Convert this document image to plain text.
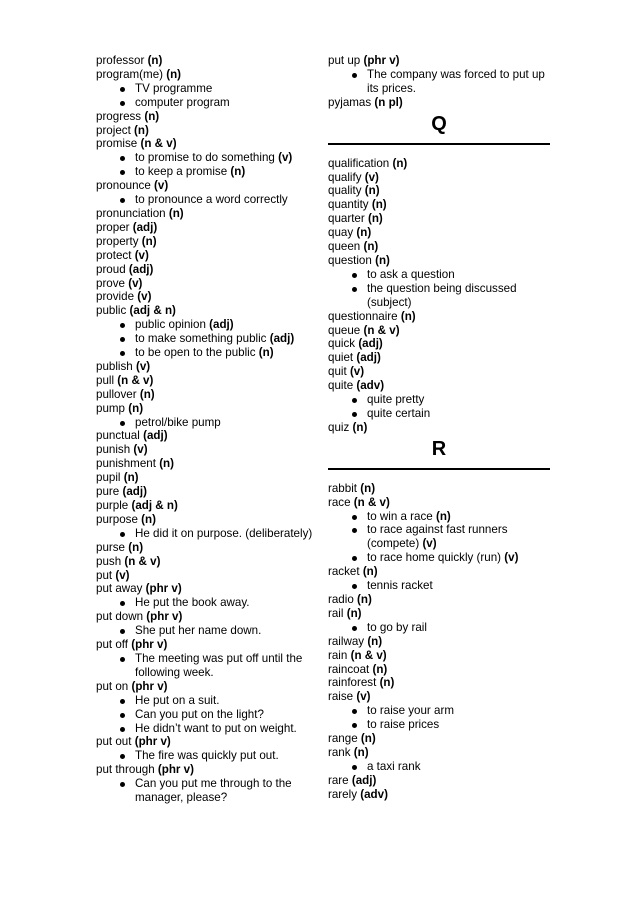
professor (n)
program(me) (n)
TV programme
computer program
progress (n)
project (n)
promise (n & v)
to promise to do something (v)
to keep a promise (n)
pronounce (v)
to pronounce a word correctly
pronunciation (n)
proper (adj)
property (n)
protect (v)
proud (adj)
prove (v)
provide (v)
public (adj & n)
public opinion (adj)
to make something public (adj)
to be open to the public (n)
publish (v)
pull (n & v)
pullover (n)
pump (n)
petrol/bike pump
punctual (adj)
punish (v)
punishment (n)
pupil (n)
pure (adj)
purple (adj & n)
purpose (n)
He did it on purpose. (deliberately)
purse (n)
push (n & v)
put (v)
put away (phr v)
He put the book away.
put down (phr v)
She put her name down.
put off (phr v)
The meeting was put off until the following week.
put on (phr v)
He put on a suit.
Can you put on the light?
He didn’t want to put on weight.
put out (phr v)
The fire was quickly put out.
put through (phr v)
Can you put me through to the manager, please?
put up (phr v)
The company was forced to put up its prices.
pyjamas (n pl)
Q
qualification (n)
qualify (v)
quality (n)
quantity (n)
quarter (n)
quay (n)
queen (n)
question (n)
to ask a question
the question being discussed (subject)
questionnaire (n)
queue (n & v)
quick (adj)
quiet (adj)
quit (v)
quite (adv)
quite pretty
quite certain
quiz (n)
R
rabbit (n)
race (n & v)
to win a race (n)
to race against fast runners (compete) (v)
to race home quickly (run) (v)
racket (n)
tennis racket
radio (n)
rail (n)
to go by rail
railway (n)
rain (n & v)
raincoat (n)
rainforest (n)
raise (v)
to raise your arm
to raise prices
range (n)
rank (n)
a taxi rank
rare (adj)
rarely (adv)
